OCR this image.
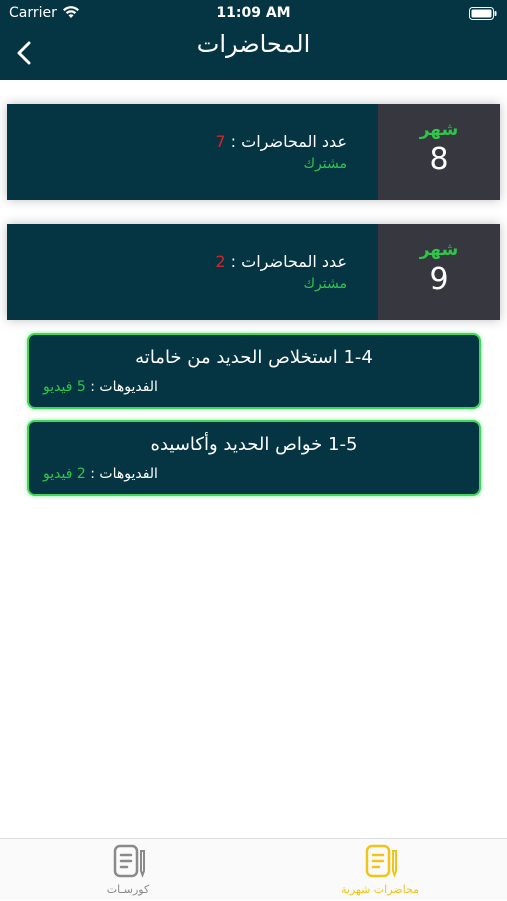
Carrier	11:09 AM
المحاضرات
شهر
8
عدد المحاضرات : 7
مشترك
شهر
9
عدد المحاضرات : 2
مشترك
1-4 استخلاص الحديد من خاماته
الفديوهات : 5 فيديو
1-5 خواص الحديد وأكاسيده
الفديوهات : 2 فيديو
محاضرات شهرية
كورسـات
